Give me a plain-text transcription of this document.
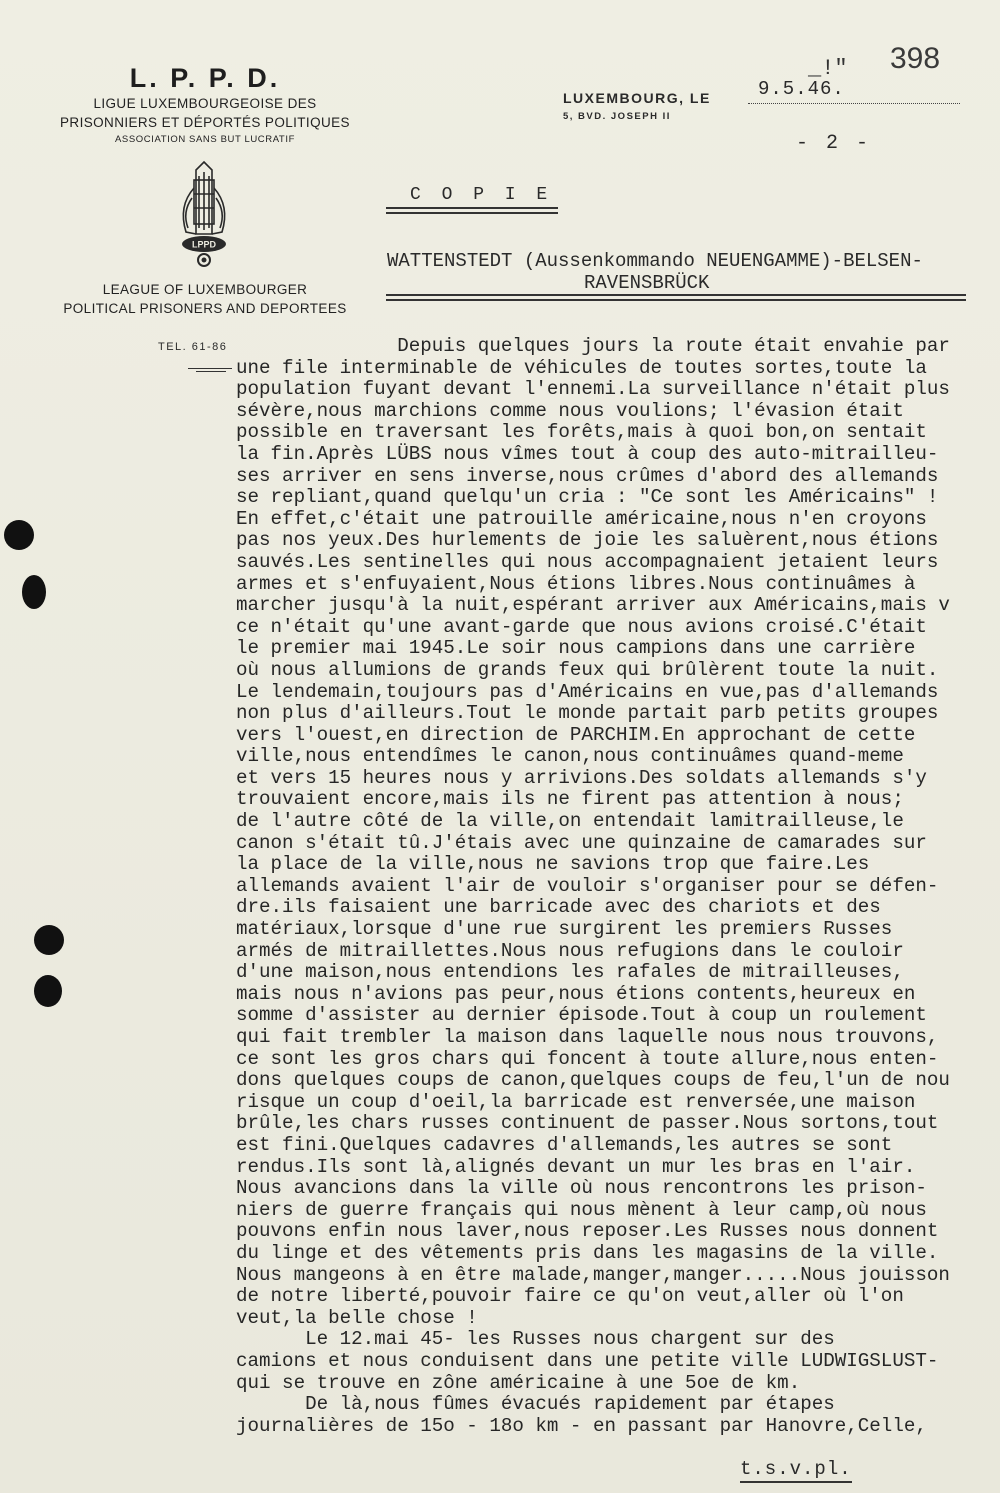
L. P. P. D.
LIGUE LUXEMBOURGEOISE DES
PRISONNIERS ET DÉPORTÉS POLITIQUES
ASSOCIATION SANS BUT LUCRATIF
LPPD
LEAGUE OF LUXEMBOURGER
POLITICAL PRISONERS AND DEPORTEES
TEL. 61-86
LUXEMBOURG, LE 9.5.46.
5, BVD. JOSEPH II
_!" 398
- 2 -
C O P I E
WATTENSTEDT (Aussenkommando NEUENGAMME)-BELSEN-
RAVENSBRÜCK
Depuis quelques jours la route était envahie par
une file interminable de véhicules de toutes sortes,toute la
population fuyant devant l'ennemi.La surveillance n'était plus
sévère,nous marchions comme nous voulions; l'évasion était
possible en traversant les forêts,mais à quoi bon,on sentait
la fin.Après LÜBS nous vîmes tout à coup des auto-mitrailleu-
ses arriver en sens inverse,nous crûmes d'abord des allemands
se repliant,quand quelqu'un cria : "Ce sont les Américains" !
En effet,c'était une patrouille américaine,nous n'en croyons
pas nos yeux.Des hurlements de joie les saluèrent,nous étions
sauvés.Les sentinelles qui nous accompagnaient jetaient leurs
armes et s'enfuyaient,Nous étions libres.Nous continuâmes à
marcher jusqu'à la nuit,espérant arriver aux Américains,mais v
ce n'était qu'une avant-garde que nous avions croisé.C'était
le premier mai 1945.Le soir nous campions dans une carrière
où nous allumions de grands feux qui brûlèrent toute la nuit.
Le lendemain,toujours pas d'Américains en vue,pas d'allemands
non plus d'ailleurs.Tout le monde partait parb petits groupes
vers l'ouest,en direction de PARCHIM.En approchant de cette
ville,nous entendîmes le canon,nous continuâmes quand-meme
et vers 15 heures nous y arrivions.Des soldats allemands s'y
trouvaient encore,mais ils ne firent pas attention à nous;
de l'autre côté de la ville,on entendait lamitrailleuse,le
canon s'était tû.J'étais avec une quinzaine de camarades sur
la place de la ville,nous ne savions trop que faire.Les
allemands avaient l'air de vouloir s'organiser pour se défen-
dre.ils faisaient une barricade avec des chariots et des
matériaux,lorsque d'une rue surgirent les premiers Russes
armés de mitraillettes.Nous nous refugions dans le couloir
d'une maison,nous entendions les rafales de mitrailleuses,
mais nous n'avions pas peur,nous étions contents,heureux en
somme d'assister au dernier épisode.Tout à coup un roulement
qui fait trembler la maison dans laquelle nous nous trouvons,
ce sont les gros chars qui foncent à toute allure,nous enten-
dons quelques coups de canon,quelques coups de feu,l'un de nou
risque un coup d'oeil,la barricade est renversée,une maison
brûle,les chars russes continuent de passer.Nous sortons,tout
est fini.Quelques cadavres d'allemands,les autres se sont
rendus.Ils sont là,alignés devant un mur les bras en l'air.
Nous avancions dans la ville où nous rencontrons les prison-
niers de guerre français qui nous mènent à leur camp,où nous
pouvons enfin nous laver,nous reposer.Les Russes nous donnent
du linge et des vêtements pris dans les magasins de la ville.
Nous mangeons à en être malade,manger,manger.....Nous jouisson
de notre liberté,pouvoir faire ce qu'on veut,aller où l'on
veut,la belle chose !
Le 12.mai 45- les Russes nous chargent sur des
camions et nous conduisent dans une petite ville LUDWIGSLUST-
qui se trouve en zône américaine à une 5oe de km.
De là,nous fûmes évacués rapidement par étapes
journalières de 15o - 18o km - en passant par Hanovre,Celle,
t.s.v.pl.
